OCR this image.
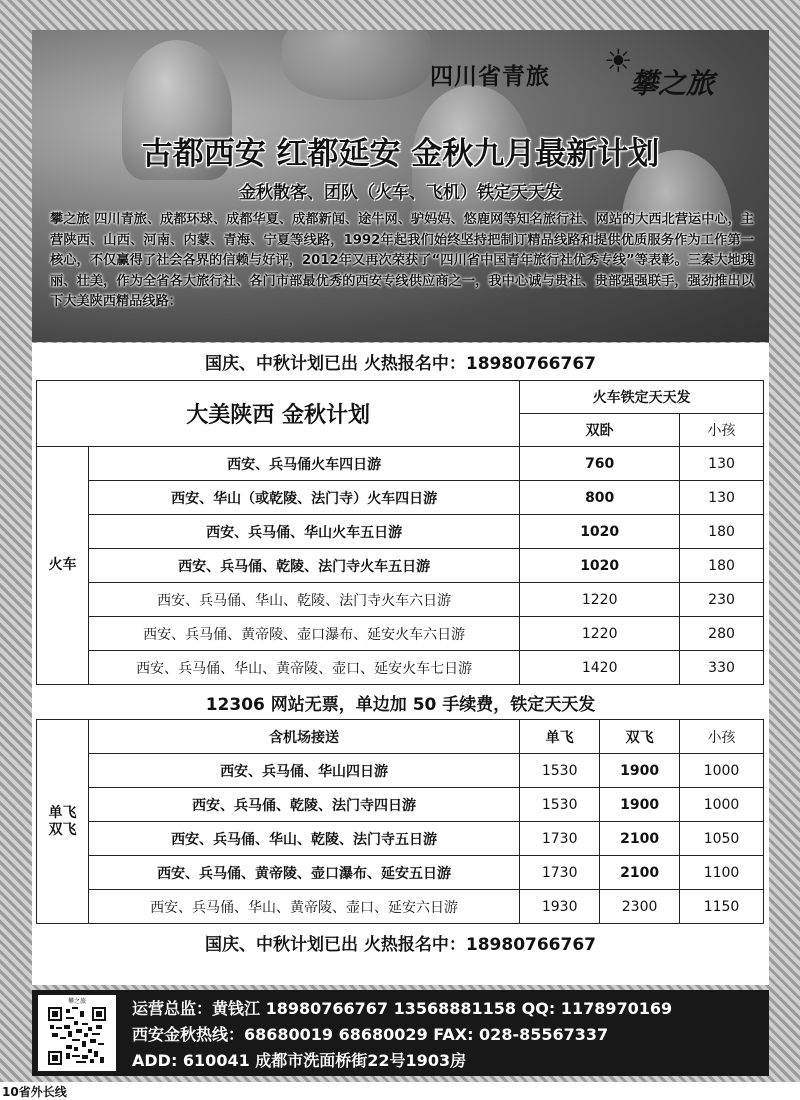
四川省青旅 ☀
攀之旅
古都西安 红都延安 金秋九月最新计划
金秋散客、团队（火车、飞机）铁定天天发
攀之旅 四川青旅、成都环球、成都华夏、成都新闻、途牛网、驴妈妈、悠鹿网等知名旅行社、网站的大西北营运中心，主营陕西、山西、河南、内蒙、青海、宁夏等线路，1992年起我们始终坚持把制订精品线路和提供优质服务作为工作第一核心，不仅赢得了社会各界的信赖与好评，2012年又再次荣获了“四川省中国青年旅行社优秀专线”等表彰。三秦大地瑰丽、壮美，作为全省各大旅行社、各门市部最优秀的西安专线供应商之一，我中心诚与贵社、贵部强强联手，强劲推出以下大美陕西精品线路：
国庆、中秋计划已出 火热报名中：18980766767
大美陕西 金秋计划		火车铁定天天发	
		双卧	小孩
火车	西安、兵马俑火车四日游	760	130
	西安、华山（或乾陵、法门寺）火车四日游	800	130
	西安、兵马俑、华山火车五日游	1020	180
	西安、兵马俑、乾陵、法门寺火车五日游	1020	180
	西安、兵马俑、华山、乾陵、法门寺火车六日游	1220	230
	西安、兵马俑、黄帝陵、壶口瀑布、延安火车六日游	1220	280
	西安、兵马俑、华山、黄帝陵、壶口、延安火车七日游	1420	330
12306 网站无票，单边加 50 手续费，铁定天天发
单飞
双飞	含机场接送	单飞	双飞	小孩
	西安、兵马俑、华山四日游	1530	1900	1000
	西安、兵马俑、乾陵、法门寺四日游	1530	1900	1000
	西安、兵马俑、华山、乾陵、法门寺五日游	1730	2100	1050
	西安、兵马俑、黄帝陵、壶口瀑布、延安五日游	1730	2100	1100
	西安、兵马俑、华山、黄帝陵、壶口、延安六日游	1930	2300	1150
国庆、中秋计划已出 火热报名中：18980766767
攀之旅	运营总监：黄钱江 18980766767 13568881158 QQ: 1178970169
西安金秋热线：68680019 68680029 FAX: 028-85567337
ADD: 610041 成都市洗面桥街22号1903房
10省外长线
